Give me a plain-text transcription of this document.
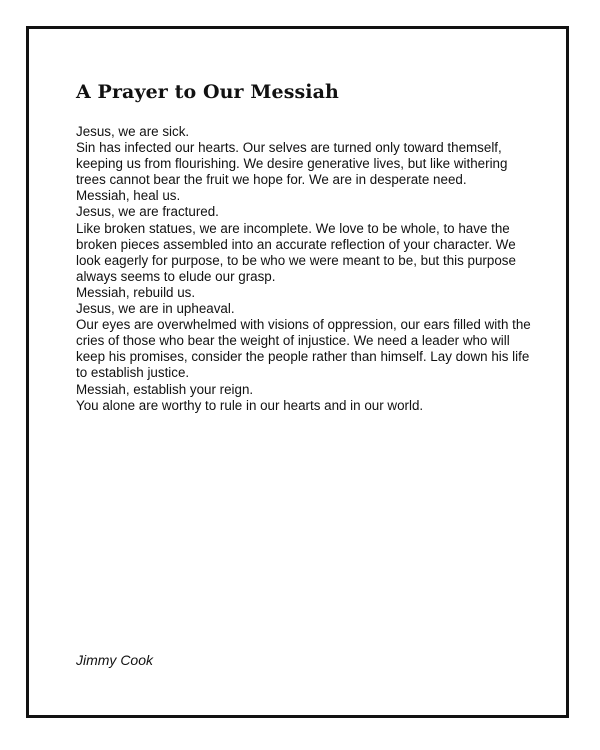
A Prayer to Our Messiah

Jesus, we are sick.

Sin has infected our hearts. Our selves are turned only toward themself, keeping us from flourishing. We desire generative lives, but like withering trees cannot bear the fruit we hope for. We are in desperate need.

Messiah, heal us.

Jesus, we are fractured.

Like broken statues, we are incomplete. We love to be whole, to have the broken pieces assembled into an accurate reflection of your character. We look eagerly for purpose, to be who we were meant to be, but this purpose always seems to elude our grasp.

Messiah, rebuild us.

Jesus, we are in upheaval.

Our eyes are overwhelmed with visions of oppression, our ears filled with the cries of those who bear the weight of injustice. We need a leader who will keep his promises, consider the people rather than himself. Lay down his life to establish justice.

Messiah, establish your reign.

You alone are worthy to rule in our hearts and in our world.

Jimmy Cook
